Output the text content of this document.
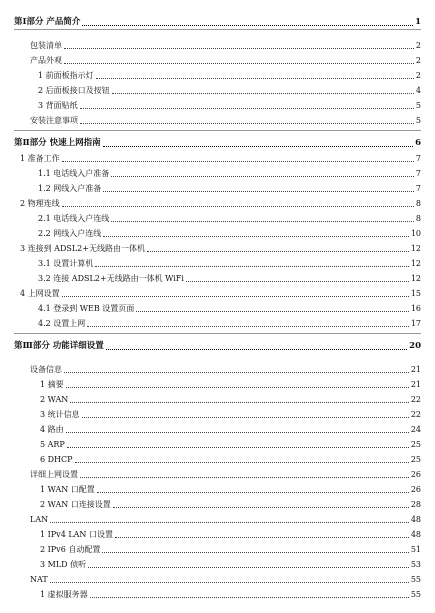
第Ⅰ部分 产品简介	1
包装清单	2
产品外观	2
1 前面板指示灯	2
2 后面板接口及按钮	4
3 背面贴纸	5
安装注意事项	5
第Ⅱ部分 快速上网指南	6
1 准备工作	7
1.1 电话线入户准备	7
1.2 网线入户准备	7
2 物理连线	8
2.1 电话线入户连线	8
2.2 网线入户连线	10
3 连接到 ADSL2+无线路由一体机	12
3.1 设置计算机	12
3.2 连接 ADSL2+无线路由一体机 WiFi	12
4 上网设置	15
4.1 登录到 WEB 设置页面	16
4.2 设置上网	17
第Ⅲ部分 功能详细设置	20
设备信息	21
1 摘要	21
2 WAN	22
3 统计信息	22
4 路由	24
5 ARP	25
6 DHCP	25
详细上网设置	26
1 WAN 口配置	26
2 WAN 口连接设置	28
LAN	48
1 IPv4 LAN 口设置	48
2 IPv6 自动配置	51
3 MLD 侦听	53
NAT	55
1 虚拟服务器	55
